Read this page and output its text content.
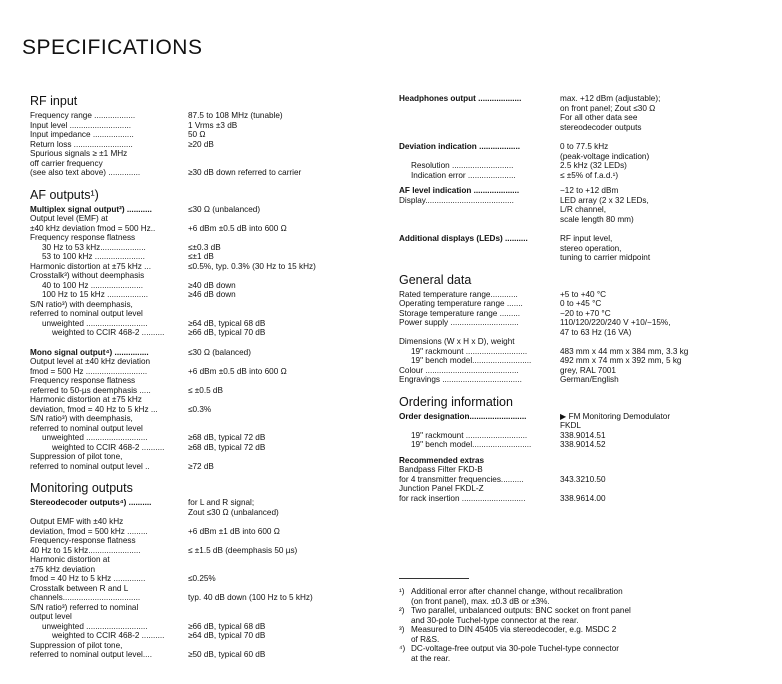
SPECIFICATIONS
RF input
Frequency range ..................	87.5 to 108 MHz (tunable)
Input level ...........................	1 Vrms ±3 dB
Input impedance ..................	50 Ω
Return loss ..........................	≥20 dB
Spurious signals ≥ ±1 MHz
off carrier frequency
(see also text above) ..............	≥30 dB down referred to carrier
AF outputs¹)
Multiplex signal output²) ...........	≤30 Ω (unbalanced)
Output level (EMF) at
±40 kHz deviation fmod = 500 Hz..	+6 dBm ±0.5 dB into 600 Ω
Frequency response flatness
30 Hz to 53 kHz....................	≤±0.3 dB
53 to 100 kHz ......................	≤±1 dB
Harmonic distortion at ±75 kHz ...	≤0.5%, typ. 0.3% (30 Hz to 15 kHz)
Crosstalk³) without deemphasis
40 to 100 Hz .......................	≥40 dB down
100 Hz to 15 kHz ..................	≥46 dB down
S/N ratio³) with deemphasis,
referred to nominal output level
unweighted ...........................	≥64 dB, typical 68 dB
weighted to CCIR 468-2 ..........	≥66 dB, typical 70 dB
Mono signal output⁴) ...............	≤30 Ω (balanced)
Output level at ±40 kHz deviation
fmod = 500 Hz ...........................	+6 dBm ±0.5 dB into 600 Ω
Frequency response flatness
referred to 50-µs deemphasis .....	≤ ±0.5 dB
Harmonic distortion at ±75 kHz
deviation, fmod = 40 Hz to 5 kHz ...	≤0.3%
S/N ratio³) with deemphasis,
referred to nominal output level
unweighted ...........................	≥68 dB, typical 72 dB
weighted to CCIR 468-2 ..........	≥68 dB, typical 72 dB
Suppression of pilot tone,
referred to nominal output level ..	≥72 dB
Monitoring outputs
Stereodecoder outputs⁴) ..........	for L and R signal;
Zout ≤30 Ω (unbalanced)
Output EMF with ±40 kHz
deviation, fmod = 500 kHz .........	+6 dBm ±1 dB into 600 Ω
Frequency-response flatness
40 Hz to 15 kHz.......................	≤ ±1.5 dB (deemphasis 50 µs)
Harmonic distortion at
±75 kHz deviation
fmod = 40 Hz to 5 kHz ..............	≤0.25%
Crosstalk between R and L
channels..................................	typ. 40 dB down (100 Hz to 5 kHz)
S/N ratio³) referred to nominal
output level
unweighted ...........................	≥66 dB, typical 68 dB
weighted to CCIR 468-2 ..........	≥64 dB, typical 70 dB
Suppression of pilot tone,
referred to nominal output level....	≥50 dB, typical 60 dB
Headphones output ...................	max. +12 dBm (adjustable);
on front panel; Zout ≤30 Ω
For all other data see
stereodecoder outputs
Deviation indication ..................	0 to 77.5 kHz
(peak-voltage indication)
Resolution ...........................	2.5 kHz (32 LEDs)
Indication error .....................	≤ ±5% of f.a.d.¹)
AF level indication ....................	−12 to +12 dBm
Display.......................................	LED array (2 x 32 LEDs,
L/R channel,
scale length 80 mm)
Additional displays (LEDs) ..........	RF input level,
stereo operation,
tuning to carrier midpoint
General data
Rated temperature range............	+5 to +40 °C
Operating temperature range .......	0 to +45 °C
Storage temperature range .........	−20 to +70 °C
Power supply ..............................	110/120/220/240 V +10/−15%,
47 to 63 Hz (16 VA)
Dimensions (W x H x D), weight
19" rackmount ...........................	483 mm x 44 mm x 384 mm, 3.3 kg
19" bench model..........................	492 mm x 74 mm x 392 mm, 5 kg
Colour .........................................	grey, RAL 7001
Engravings ...................................	German/English
Ordering information
Order designation.........................	▶ FM Monitoring Demodulator
FKDL
19" rackmount ...........................	338.9014.51
19" bench model..........................	338.9014.52
Recommended extras
Bandpass Filter FKD-B
for 4 transmitter frequencies..........	343.3210.50
Junction Panel FKDL-Z
for rack insertion ............................	338.9614.00
¹) Additional error after channel change, without recalibration
(on front panel), max. ±0.3 dB or ±3%.
²) Two parallel, unbalanced outputs: BNC socket on front panel
and 30-pole Tuchel-type connector at the rear.
³) Measured to DIN 45405 via stereodecoder, e.g. MSDC 2
of R&S.
⁴) DC-voltage-free output via 30-pole Tuchel-type connector
at the rear.
